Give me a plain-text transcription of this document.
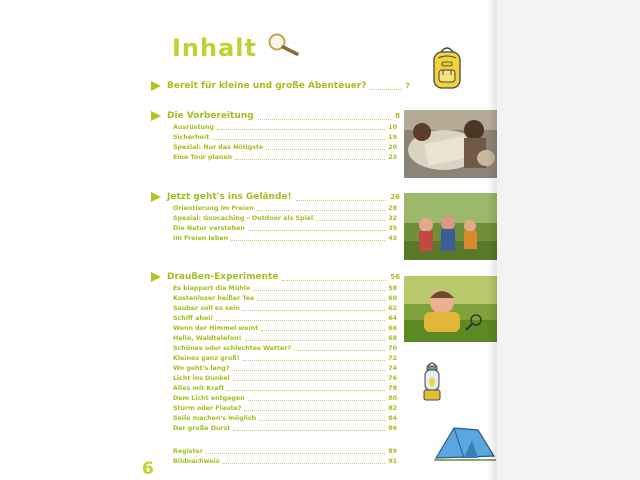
Inhalt
Bereit für kleine und große Abenteuer?	7
Die Vorbereitung	8
Ausrüstung	10
Sicherheit	19
Spezial: Nur das Nötigste	20
Eine Tour planen	23
Jetzt geht's ins Gelände!	26
Orientierung im Freien	28
Spezial: Geocaching – Outdoor als Spiel	32
Die Natur verstehen	35
Im Freien leben	43
Draußen-Experimente	56
Es klappert die Mühle	58
Kostenloser heißer Tee	60
Sauber soll es sein	62
Schiff ahoi!	64
Wenn der Himmel weint	66
Hallo, Waldtelefon!	68
Schönes oder schlechtes Wetter?	70
Kleines ganz groß!	72
Wo geht's lang?	74
Licht ins Dunkel	76
Alles mit Kraft	78
Dem Licht entgegen	80
Sturm oder Flaute?	82
Seile machen's möglich	84
Der große Durst	86
Register	89
Bildnachweis	91
6
